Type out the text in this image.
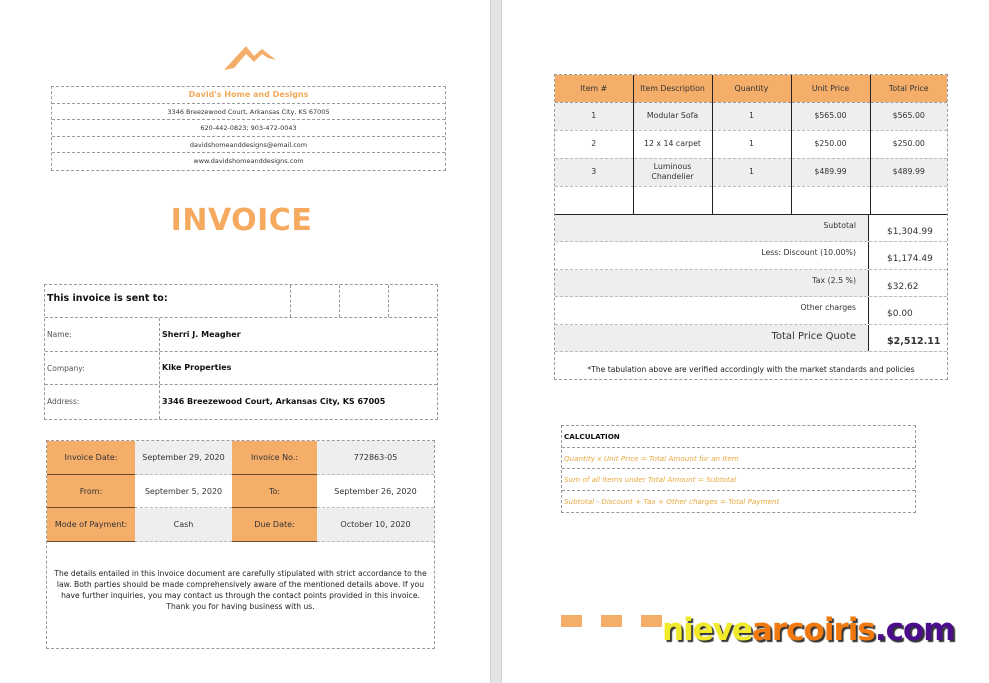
David's Home and Designs
3346 Breezewood Court, Arkansas City, KS 67005
620-442-0823; 903-472-0043
davidshomeanddesigns@email.com
www.davidshomeanddesigns.com
INVOICE
This invoice is sent to:
Name:	Sherri J. Meagher
Company:	Kike Properties
Address:	3346 Breezewood Court, Arkansas City, KS 67005
Invoice Date:	September 29, 2020	Invoice No.:	772863-05
From:	September 5, 2020	To:	September 26, 2020
Mode of Payment:	Cash	Due Date:	October 10, 2020
The details entailed in this invoice document are carefully stipulated with strict accordance to the law. Both parties should be made comprehensively aware of the mentioned details above. If you have further inquiries, you may contact us through the contact points provided in this invoice. Thank you for having business with us.
Item #	Item Description	Quantity	Unit Price	Total Price
1	Modular Sofa	1	$565.00	$565.00
2	12 x 14 carpet	1	$250.00	$250.00
3	Luminous Chandelier	1	$489.99	$489.99

Subtotal
$1,304.99
Less: Discount (10.00%)
$1,174.49
Tax (2.5 %)
$32.62
Other charges
$0.00
Total Price Quote	$2,512.11
*The tabulation above are verified accordingly with the market standards and policies
CALCULATION
Quantity x Unit Price = Total Amount for an Item
Sum of all items under Total Amount = Subtotal
Subtotal - Discount + Tax + Other charges = Total Payment
nievearcoiris.com
